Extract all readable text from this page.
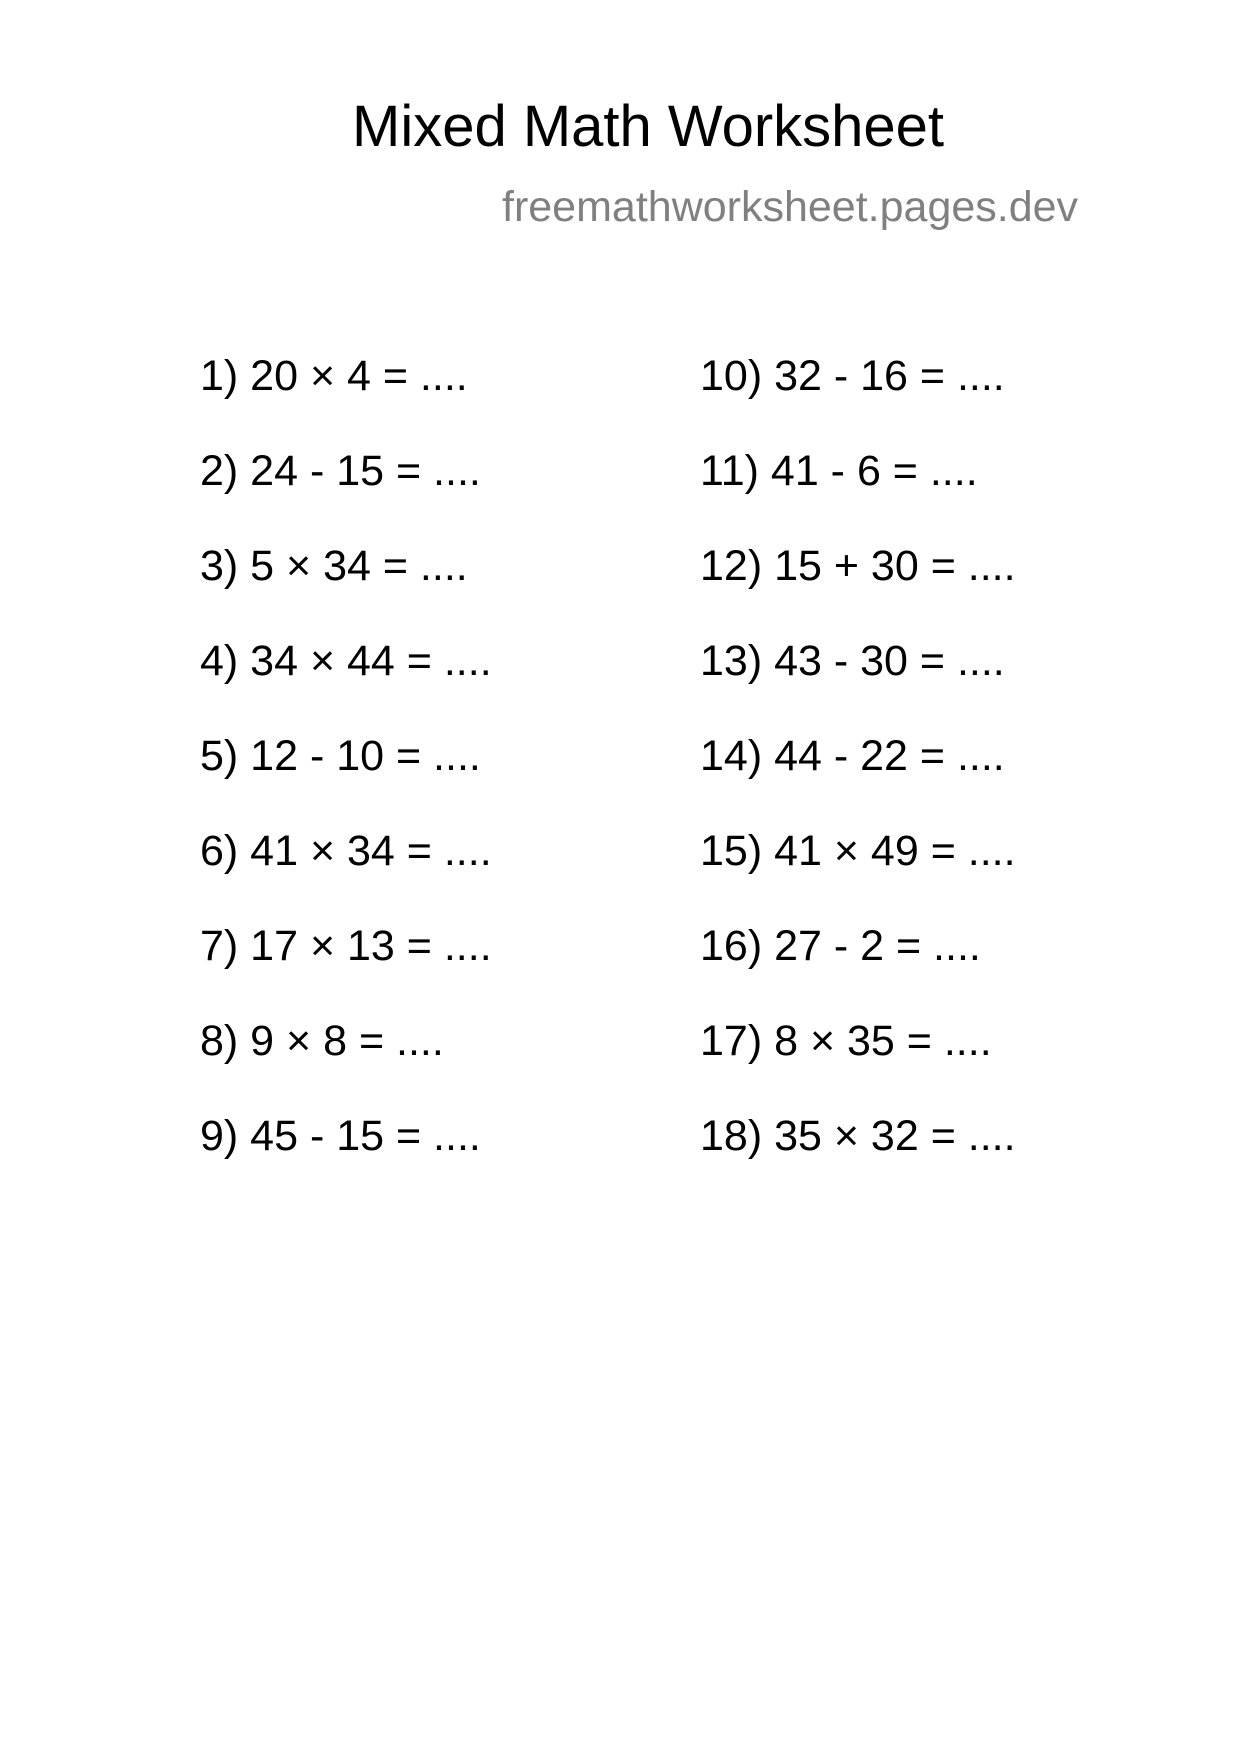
Mixed Math Worksheet
freemathworksheet.pages.dev
1) 20 × 4 = ....
2) 24 - 15 = ....
3) 5 × 34 = ....
4) 34 × 44 = ....
5) 12 - 10 = ....
6) 41 × 34 = ....
7) 17 × 13 = ....
8) 9 × 8 = ....
9) 45 - 15 = ....
10) 32 - 16 = ....
11) 41 - 6 = ....
12) 15 + 30 = ....
13) 43 - 30 = ....
14) 44 - 22 = ....
15) 41 × 49 = ....
16) 27 - 2 = ....
17) 8 × 35 = ....
18) 35 × 32 = ....
